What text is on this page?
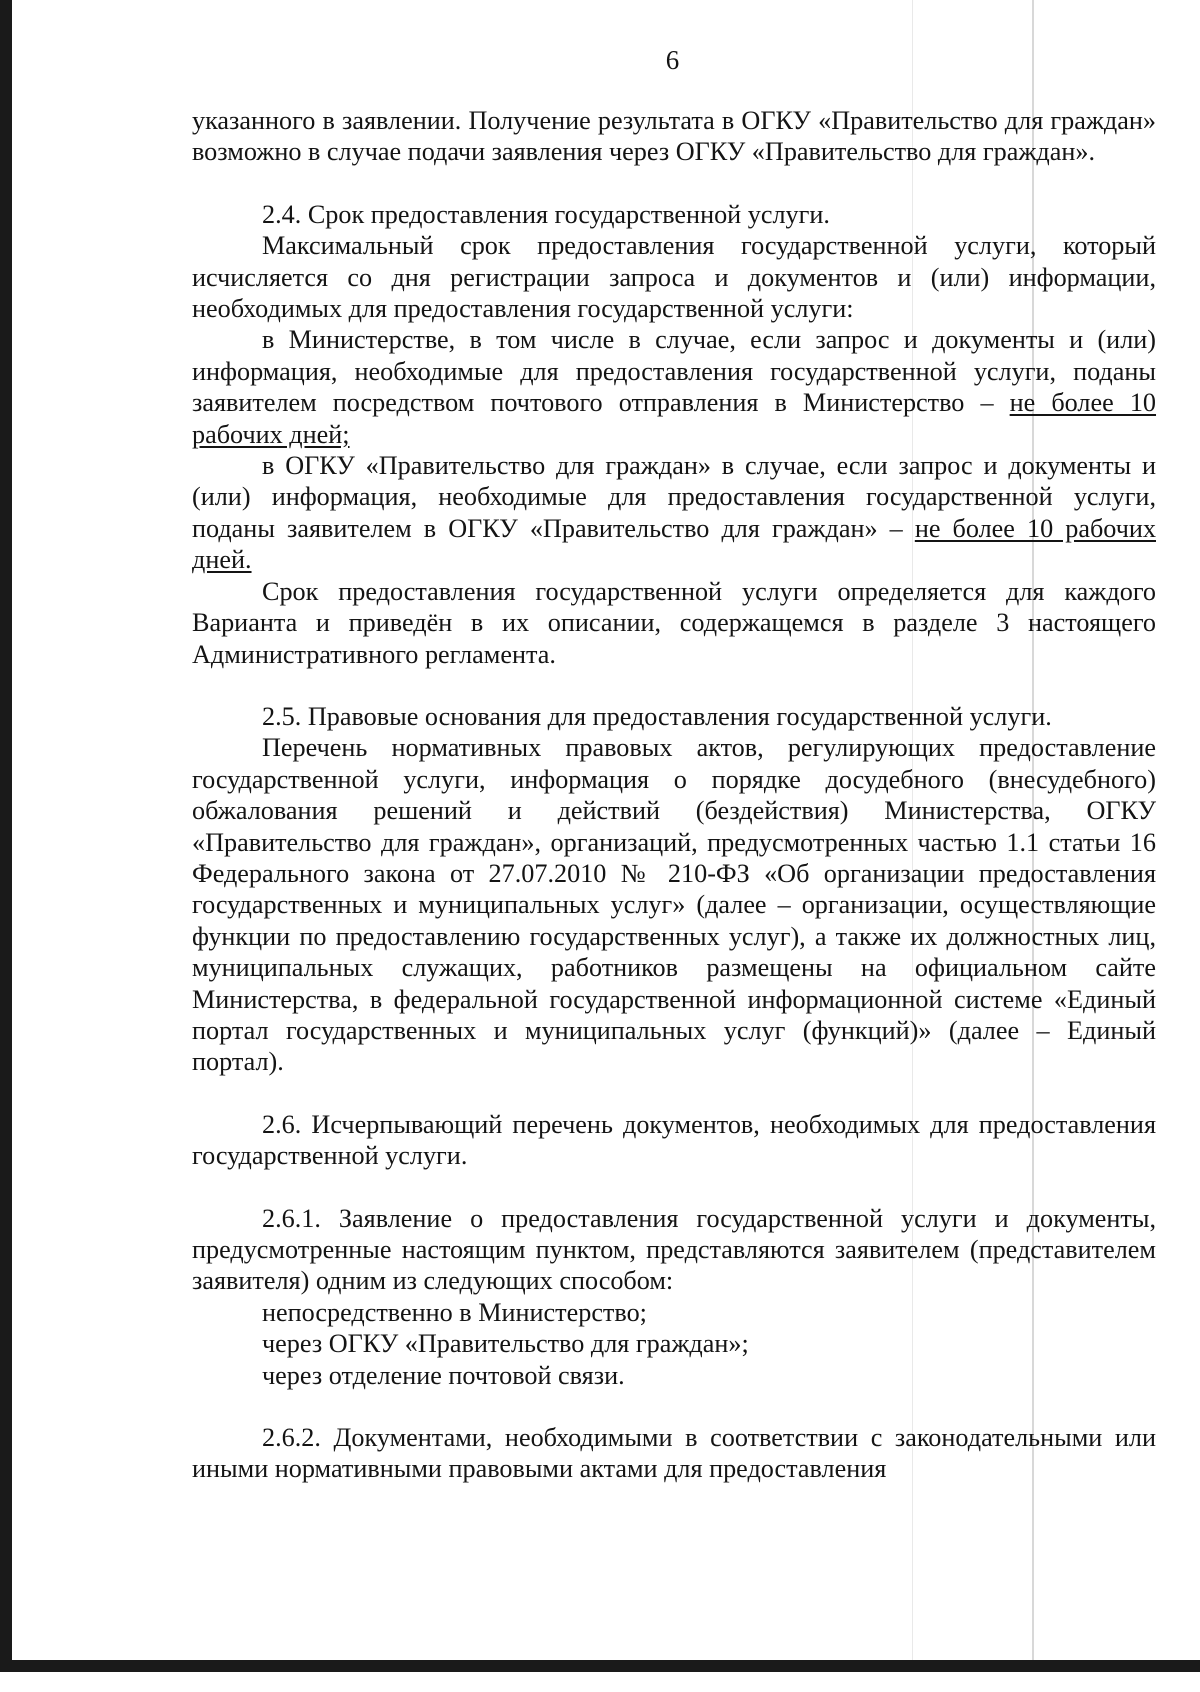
6

указанного в заявлении. Получение результата в ОГКУ «Правительство для граждан» возможно в случае подачи заявления через ОГКУ «Правительство для граждан».

2.4. Срок предоставления государственной услуги.

Максимальный срок предоставления государственной услуги, который исчисляется со дня регистрации запроса и документов и (или) информации, необходимых для предоставления государственной услуги:

в Министерстве, в том числе в случае, если запрос и документы и (или) информация, необходимые для предоставления государственной услуги, поданы заявителем посредством почтового отправления в Министерство – не более 10 рабочих дней;

в ОГКУ «Правительство для граждан» в случае, если запрос и документы и (или) информация, необходимые для предоставления государственной услуги, поданы заявителем в ОГКУ «Правительство для граждан» – не более 10 рабочих дней.

Срок предоставления государственной услуги определяется для каждого Варианта и приведён в их описании, содержащемся в разделе 3 настоящего Административного регламента.

2.5. Правовые основания для предоставления государственной услуги.

Перечень нормативных правовых актов, регулирующих предоставление государственной услуги, информация о порядке досудебного (внесудебного) обжалования решений и действий (бездействия) Министерства, ОГКУ «Правительство для граждан», организаций, предусмотренных частью 1.1 статьи 16 Федерального закона от 27.07.2010 № 210-ФЗ «Об организации предоставления государственных и муниципальных услуг» (далее – организации, осуществляющие функции по предоставлению государственных услуг), а также их должностных лиц, муниципальных служащих, работников размещены на официальном сайте Министерства, в федеральной государственной информационной системе «Единый портал государственных и муниципальных услуг (функций)» (далее – Единый портал).

2.6. Исчерпывающий перечень документов, необходимых для предоставления государственной услуги.

2.6.1. Заявление о предоставления государственной услуги и документы, предусмотренные настоящим пунктом, представляются заявителем (представителем заявителя) одним из следующих способом:

непосредственно в Министерство;

через ОГКУ «Правительство для граждан»;

через отделение почтовой связи.

2.6.2. Документами, необходимыми в соответствии с законодательными или иными нормативными правовыми актами для предоставления
